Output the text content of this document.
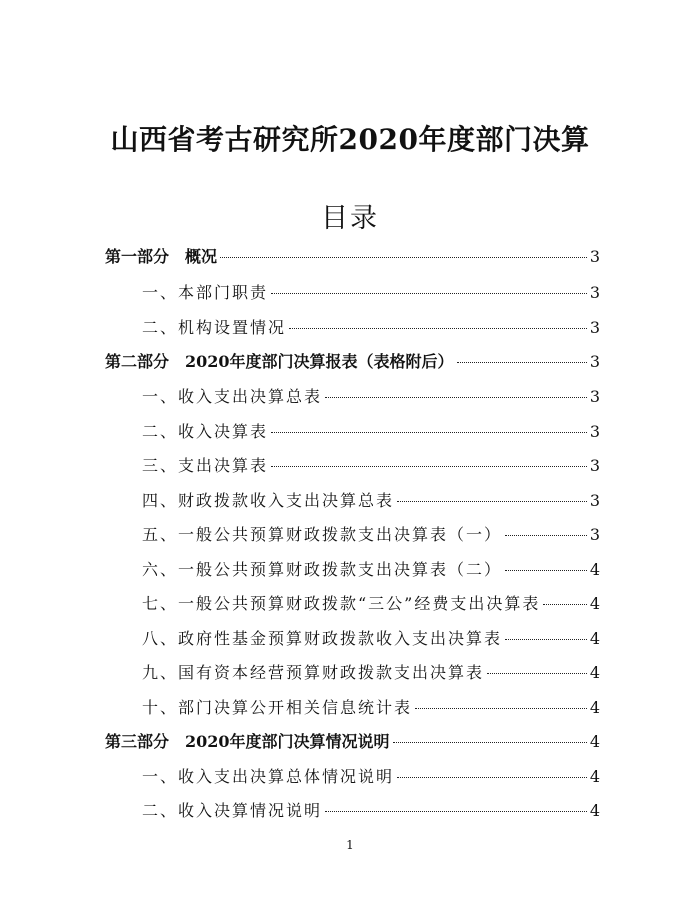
山西省考古研究所2020年度部门决算
目录
第一部分　概况	3
一、本部门职责	3
二、机构设置情况	3
第二部分　2020年度部门决算报表（表格附后）	3
一、收入支出决算总表	3
二、收入决算表	3
三、支出决算表	3
四、财政拨款收入支出决算总表	3
五、一般公共预算财政拨款支出决算表（一）	3
六、一般公共预算财政拨款支出决算表（二）	4
七、一般公共预算财政拨款“三公”经费支出决算表	4
八、政府性基金预算财政拨款收入支出决算表	4
九、国有资本经营预算财政拨款支出决算表	4
十、部门决算公开相关信息统计表	4
第三部分　2020年度部门决算情况说明	4
一、收入支出决算总体情况说明	4
二、收入决算情况说明	4
1
